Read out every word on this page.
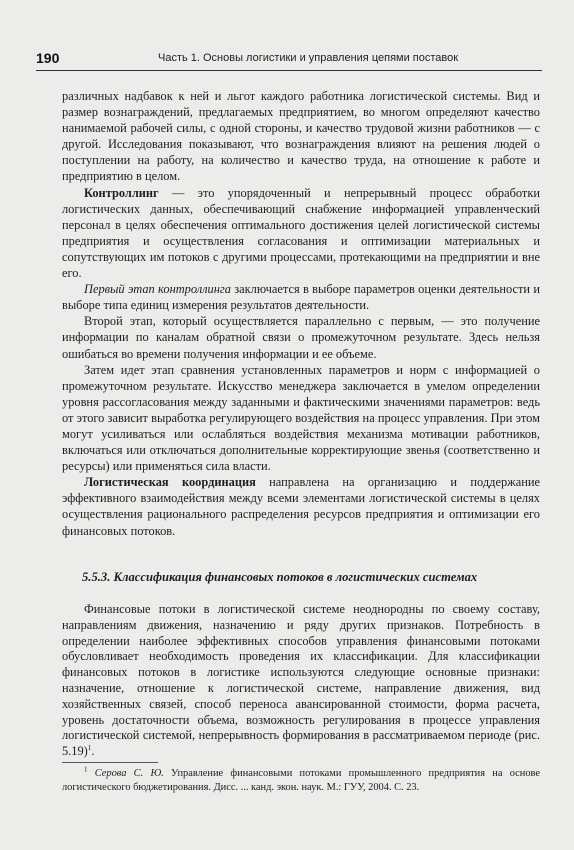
190	Часть 1. Основы логистики и управления цепями поставок

различных надбавок к ней и льгот каждого работника логистической системы. Вид и размер вознаграждений, предлагаемых предприятием, во многом определяют качество нанимаемой рабочей силы, с одной стороны, и качество трудовой жизни работников — с другой. Исследования показывают, что вознаграждения влияют на решения людей о поступлении на работу, на количество и качество труда, на отношение к работе и предприятию в целом.

Контроллинг — это упорядоченный и непрерывный процесс обработки логистических данных, обеспечивающий снабжение информацией управленческий персонал в целях обеспечения оптимального достижения целей логистической системы предприятия и осуществления согласования и оптимизации материальных и сопутствующих им потоков с другими процессами, протекающими на предприятии и вне его.

Первый этап контроллинга заключается в выборе параметров оценки деятельности и выборе типа единиц измерения результатов деятельности.

Второй этап, который осуществляется параллельно с первым, — это получение информации по каналам обратной связи о промежуточном результате. Здесь нельзя ошибаться во времени получения информации и ее объеме.

Затем идет этап сравнения установленных параметров и норм с информацией о промежуточном результате. Искусство менеджера заключается в умелом определении уровня рассогласования между заданными и фактическими значениями параметров: ведь от этого зависит выработка регулирующего воздействия на процесс управления. При этом могут усиливаться или ослабляться воздействия механизма мотивации работников, включаться или отключаться дополнительные корректирующие звенья (соответственно и ресурсы) или применяться сила власти.

Логистическая координация направлена на организацию и поддержание эффективного взаимодействия между всеми элементами логистической системы в целях осуществления рационального распределения ресурсов предприятия и оптимизации его финансовых потоков.

5.5.3. Классификация финансовых потоков в логистических системах

Финансовые потоки в логистической системе неоднородны по своему составу, направлениям движения, назначению и ряду других признаков. Потребность в определении наиболее эффективных способов управления финансовыми потоками обусловливает необходимость проведения их классификации. Для классификации финансовых потоков в логистике используются следующие основные признаки: назначение, отношение к логистической системе, направление движения, вид хозяйственных связей, способ переноса авансированной стоимости, форма расчета, уровень достаточности объема, возможность регулирования в процессе управления логистической системой, непрерывность формирования в рассматриваемом периоде (рис. 5.19)$^1$.

$^1$ Серова С. Ю. Управление финансовыми потоками промышленного предприятия на основе логистического бюджетирования. Дисс. ... канд. экон. наук. М.: ГУУ, 2004. С. 23.
